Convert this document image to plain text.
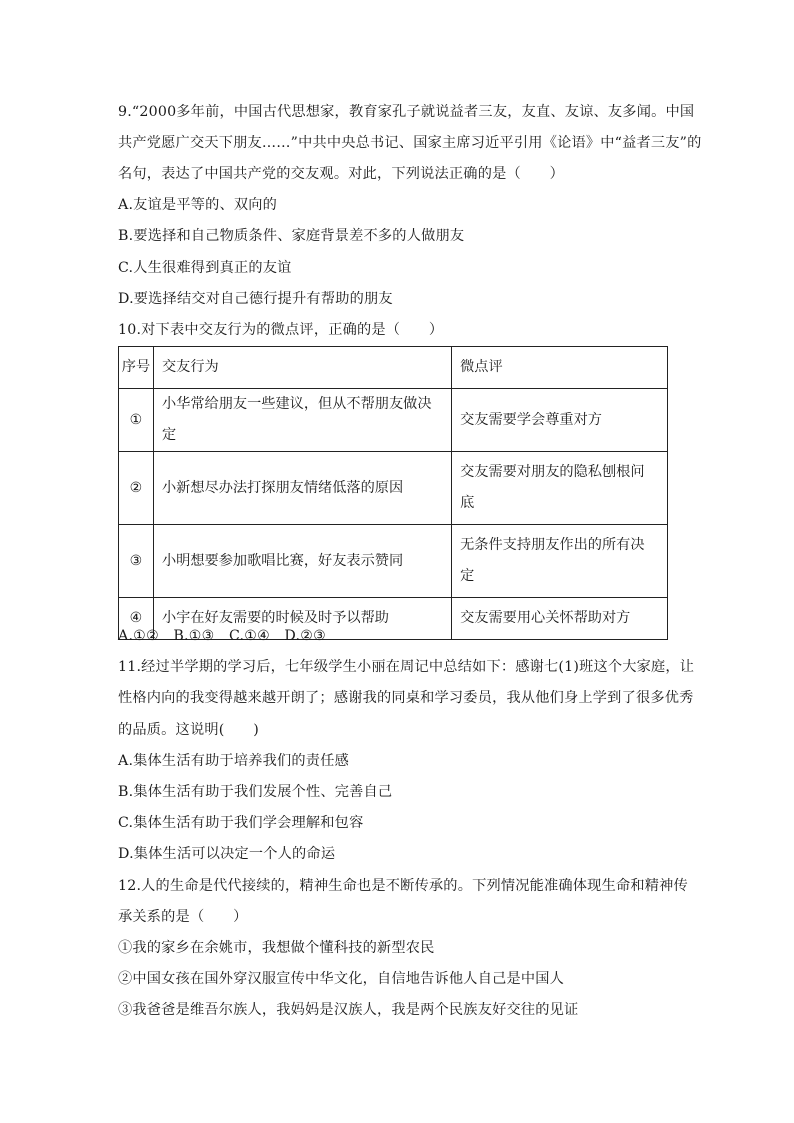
9.“2000多年前，中国古代思想家，教育家孔子就说益者三友，友直、友谅、友多闻。中国
共产党愿广交天下朋友……”中共中央总书记、国家主席习近平引用《论语》中“益者三友”的
名句，表达了中国共产党的交友观。对此，下列说法正确的是（　　）
A.友谊是平等的、双向的
B.要选择和自己物质条件、家庭背景差不多的人做朋友
C.人生很难得到真正的友谊
D.要选择结交对自己德行提升有帮助的朋友
10.对下表中交友行为的微点评，正确的是（　　）
序号	交友行为	微点评
①	小华常给朋友一些建议，但从不帮朋友做决定	交友需要学会尊重对方
②	小新想尽办法打探朋友情绪低落的原因	交友需要对朋友的隐私刨根问
底
③	小明想要参加歌唱比赛，好友表示赞同	无条件支持朋友作出的所有决
定
④	小宇在好友需要的时候及时予以帮助	交友需要用心关怀帮助对方
A.①②　B.①③　C.①④　D.②③
11.经过半学期的学习后，七年级学生小丽在周记中总结如下：感谢七(1)班这个大家庭，让
性格内向的我变得越来越开朗了；感谢我的同桌和学习委员，我从他们身上学到了很多优秀
的品质。这说明(　　)
A.集体生活有助于培养我们的责任感
B.集体生活有助于我们发展个性、完善自己
C.集体生活有助于我们学会理解和包容
D.集体生活可以决定一个人的命运
12.人的生命是代代接续的，精神生命也是不断传承的。下列情况能准确体现生命和精神传
承关系的是（　　）
①我的家乡在余姚市，我想做个懂科技的新型农民
②中国女孩在国外穿汉服宣传中华文化，自信地告诉他人自己是中国人
③我爸爸是维吾尔族人，我妈妈是汉族人，我是两个民族友好交往的见证
